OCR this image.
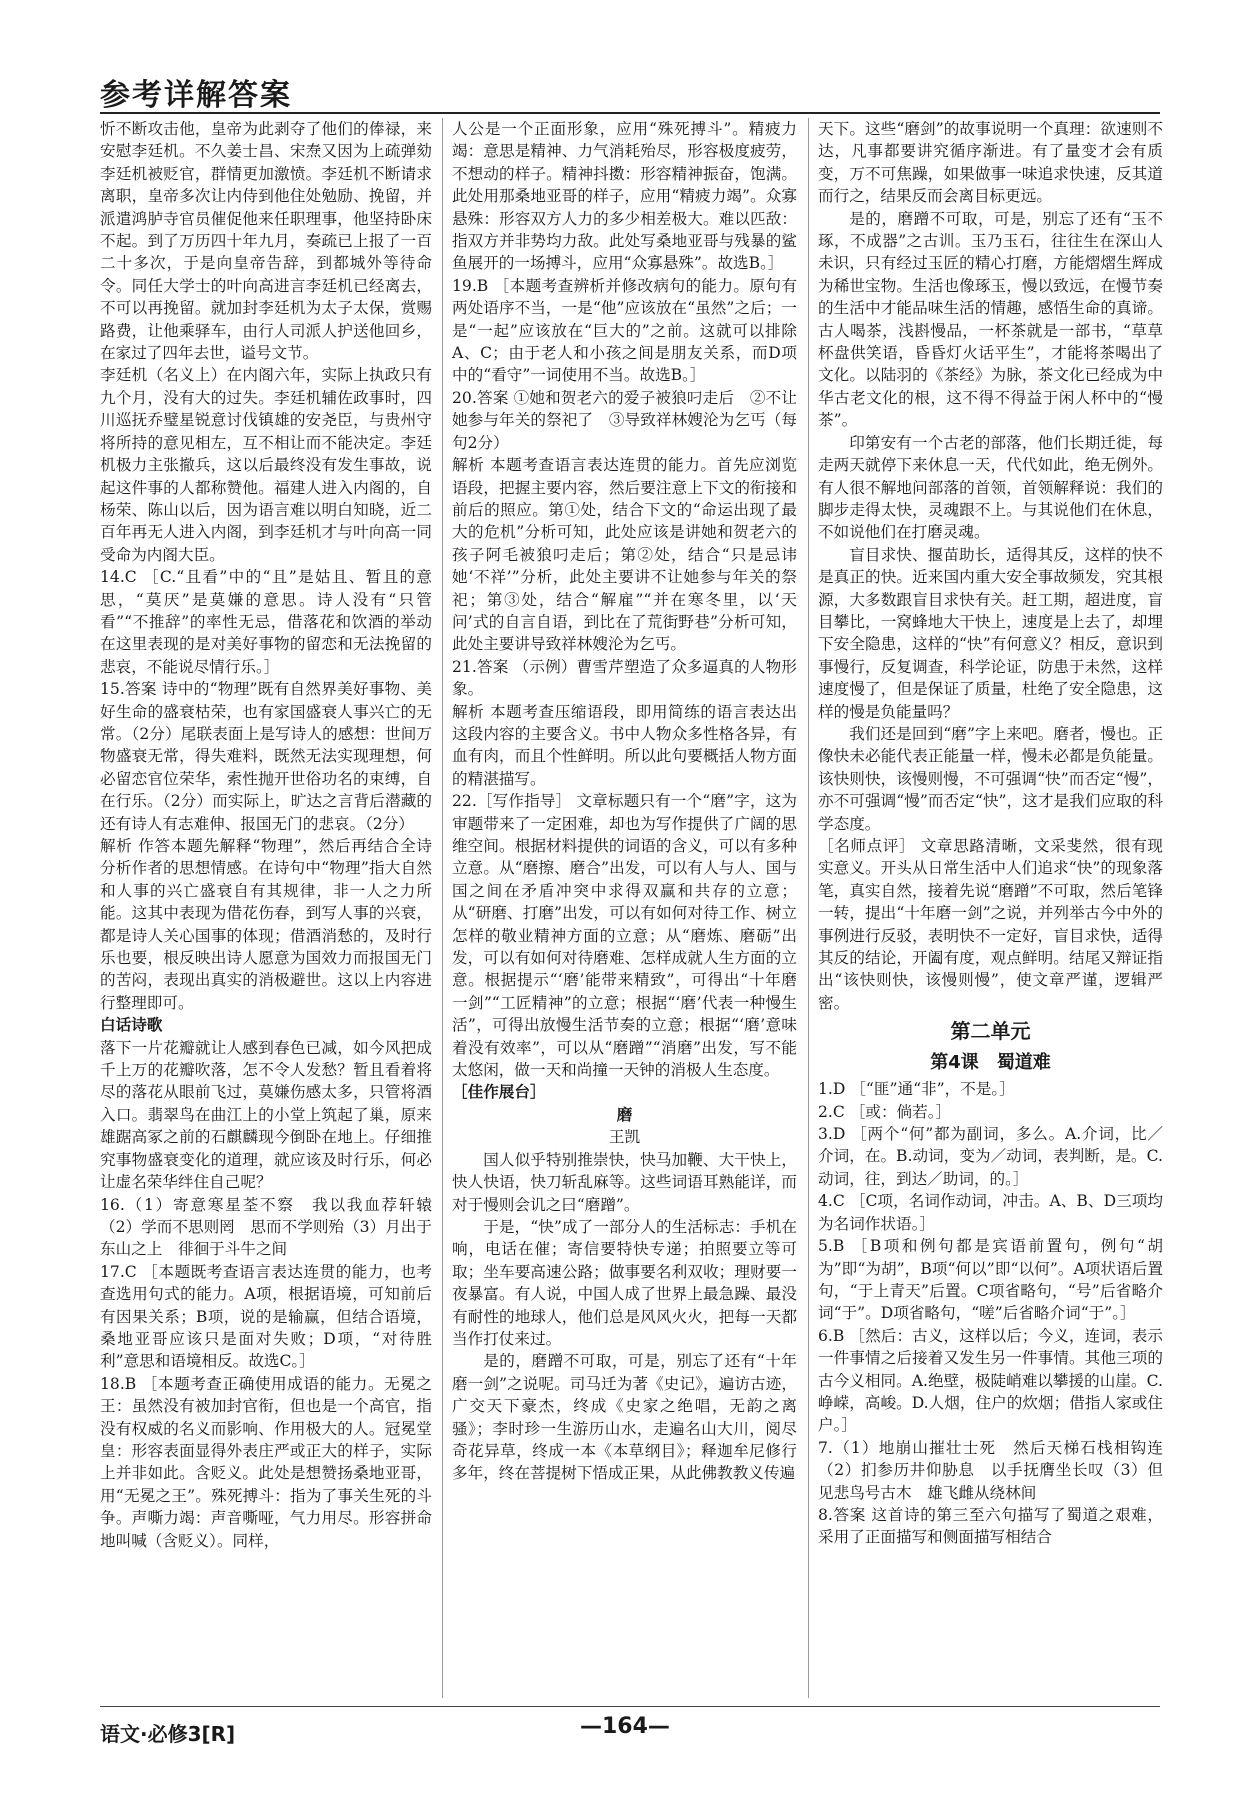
参考详解答案

忻不断攻击他，皇帝为此剥夺了他们的俸禄，来安慰李廷机。不久姜士昌、宋焘又因为上疏弹劾李廷机被贬官，群情更加激愤。李廷机不断请求离职，皇帝多次让内侍到他住处勉励、挽留，并派遣鸿胪寺官员催促他来任职理事，他坚持卧床不起。到了万历四十年九月，奏疏已上报了一百二十多次，于是向皇帝告辞，到都城外等待命令。同任大学士的叶向高进言李廷机已经离去，不可以再挽留。就加封李廷机为太子太保，赏赐路费，让他乘驿车，由行人司派人护送他回乡，在家过了四年去世，谥号文节。

李廷机（名义上）在内阁六年，实际上执政只有九个月，没有大的过失。李廷机辅佐政事时，四川巡抚乔璧星锐意讨伐镇雄的安尧臣，与贵州守将所持的意见相左，互不相让而不能决定。李廷机极力主张撤兵，这以后最终没有发生事故，说起这件事的人都称赞他。福建人进入内阁的，自杨荣、陈山以后，因为语言难以明白知晓，近二百年再无人进入内阁，到李廷机才与叶向高一同受命为内阁大臣。

14.C ［C.“且看”中的“且”是姑且、暂且的意思，“莫厌”是莫嫌的意思。诗人没有“只管看”“不推辞”的率性无忌，借落花和饮酒的举动在这里表现的是对美好事物的留恋和无法挽留的悲哀，不能说尽情行乐。］

15.答案 诗中的“物理”既有自然界美好事物、美好生命的盛衰枯荣，也有家国盛衰人事兴亡的无常。（2分）尾联表面上是写诗人的感想：世间万物盛衰无常，得失难料，既然无法实现理想，何必留恋官位荣华，索性抛开世俗功名的束缚，自在行乐。（2分）而实际上，旷达之言背后潜藏的还有诗人有志难伸、报国无门的悲哀。（2分）

解析 作答本题先解释“物理”，然后再结合全诗分析作者的思想情感。在诗句中“物理”指大自然和人事的兴亡盛衰自有其规律，非一人之力所能。这其中表现为借花伤春，到写人事的兴衰，都是诗人关心国事的体现；借酒消愁的，及时行乐也要，根反映出诗人愿意为国效力而报国无门的苦闷，表现出真实的消极避世。这以上内容进行整理即可。

白话诗歌

落下一片花瓣就让人感到春色已减，如今风把成千上万的花瓣吹落，怎不令人发愁？暂且看着将尽的落花从眼前飞过，莫嫌伤感太多，只管将酒入口。翡翠鸟在曲江上的小堂上筑起了巢，原来雄踞高冢之前的石麒麟现今倒卧在地上。仔细推究事物盛衰变化的道理，就应该及时行乐，何必让虚名荣华绊住自己呢？

16.（1）寄意寒星荃不察　我以我血荐轩辕（2）学而不思则罔　思而不学则殆（3）月出于东山之上　徘徊于斗牛之间

17.C ［本题既考查语言表达连贯的能力，也考查选用句式的能力。A项，根据语境，可知前后有因果关系；B项，说的是输赢，但结合语境，桑地亚哥应该只是面对失败；D项，“对待胜利”意思和语境相反。故选C。］

18.B ［本题考查正确使用成语的能力。无冕之王：虽然没有被加封官衔，但也是一个高官，指没有权威的名义而影响、作用极大的人。冠冕堂皇：形容表面显得外表庄严或正大的样子，实际上并非如此。含贬义。此处是想赞扬桑地亚哥，用“无冕之王”。殊死搏斗：指为了事关生死的斗争。声嘶力竭：声音嘶哑，气力用尽。形容拼命地叫喊（含贬义）。同样，

人公是一个正面形象，应用“殊死搏斗”。精疲力竭：意思是精神、力气消耗殆尽，形容极度疲劳，不想动的样子。精神抖擞：形容精神振奋，饱满。此处用那桑地亚哥的样子，应用“精疲力竭”。众寡悬殊：形容双方人力的多少相差极大。难以匹敌：指双方并非势均力敌。此处写桑地亚哥与残暴的鲨鱼展开的一场搏斗，应用“众寡悬殊”。故选B。］

19.B ［本题考查辨析并修改病句的能力。原句有两处语序不当，一是“他”应该放在“虽然”之后；一是“一起”应该放在“巨大的”之前。这就可以排除A、C；由于老人和小孩之间是朋友关系，而D项中的“看守”一词使用不当。故选B。］

20.答案 ①她和贺老六的爱子被狼叼走后　②不让她参与年关的祭祀了　③导致祥林嫂沦为乞丐（每句2分）

解析 本题考查语言表达连贯的能力。首先应浏览语段，把握主要内容，然后要注意上下文的衔接和前后的照应。第①处，结合下文的“命运出现了最大的危机”分析可知，此处应该是讲她和贺老六的孩子阿毛被狼叼走后；第②处，结合“只是忌讳她‘不祥’”分析，此处主要讲不让她参与年关的祭祀；第③处，结合“解雇”“并在寒冬里，以‘天问’式的自言自语，到比在了荒街野巷”分析可知，此处主要讲导致祥林嫂沦为乞丐。

21.答案 （示例）曹雪芹塑造了众多逼真的人物形象。

解析 本题考查压缩语段，即用简练的语言表达出这段内容的主要含义。书中人物众多性格各异，有血有肉，而且个性鲜明。所以此句要概括人物方面的精湛描写。

22.［写作指导］ 文章标题只有一个“磨”字，这为审题带来了一定困难，却也为写作提供了广阔的思维空间。根据材料提供的词语的含义，可以有多种立意。从“磨擦、磨合”出发，可以有人与人、国与国之间在矛盾冲突中求得双赢和共存的立意；从“研磨、打磨”出发，可以有如何对待工作、树立怎样的敬业精神方面的立意；从“磨炼、磨砺”出发，可以有如何对待磨难、怎样成就人生方面的立意。根据提示“‘磨’能带来精致”，可得出“十年磨一剑”“工匠精神”的立意；根据“‘磨’代表一种慢生活”，可得出放慢生活节奏的立意；根据“‘磨’意味着没有效率”，可以从“磨蹭”“消磨”出发，写不能太悠闲，做一天和尚撞一天钟的消极人生态度。

［佳作展台］

磨

王凯

国人似乎特别推崇快，快马加鞭、大干快上，快人快语，快刀斩乱麻等。这些词语耳熟能详，而对于慢则会讥之曰“磨蹭”。

于是，“快”成了一部分人的生活标志：手机在响，电话在催；寄信要特快专递；拍照要立等可取；坐车要高速公路；做事要名利双收；理财要一夜暴富。有人说，中国人成了世界上最急躁、最没有耐性的地球人，他们总是风风火火，把每一天都当作打仗来过。

是的，磨蹭不可取，可是，别忘了还有“十年磨一剑”之说呢。司马迁为著《史记》，遍访古迹，广交天下豪杰，终成《史家之绝唱，无韵之离骚》；李时珍一生游历山水，走遍名山大川，阅尽奇花异草，终成一本《本草纲目》；释迦牟尼修行多年，终在菩提树下悟成正果，从此佛教教义传遍

天下。这些“磨剑”的故事说明一个真理：欲速则不达，凡事都要讲究循序渐进。有了量变才会有质变，万不可焦躁，如果做事一味追求快速，反其道而行之，结果反而会离目标更远。

是的，磨蹭不可取，可是，别忘了还有“玉不琢，不成器”之古训。玉乃玉石，往往生在深山人未识，只有经过玉匠的精心打磨，方能熠熠生辉成为稀世宝物。生活也像琢玉，慢以致远，在慢节奏的生活中才能品味生活的情趣，感悟生命的真谛。古人喝茶，浅斟慢品，一杯茶就是一部书，“草草杯盘供笑语，昏昏灯火话平生”，才能将茶喝出了文化。以陆羽的《茶经》为脉，茶文化已经成为中华古老文化的根，这不得不得益于闲人杯中的“慢茶”。

印第安有一个古老的部落，他们长期迁徙，每走两天就停下来休息一天，代代如此，绝无例外。有人很不解地问部落的首领，首领解释说：我们的脚步走得太快，灵魂跟不上。与其说他们在休息，不如说他们在打磨灵魂。

盲目求快、揠苗助长，适得其反，这样的快不是真正的快。近来国内重大安全事故频发，究其根源，大多数跟盲目求快有关。赶工期，超进度，盲目攀比，一窝蜂地大干快上，速度是上去了，却埋下安全隐患，这样的“快”有何意义？相反，意识到事慢行，反复调查，科学论证，防患于未然，这样速度慢了，但是保证了质量，杜绝了安全隐患，这样的慢是负能量吗？

我们还是回到“磨”字上来吧。磨者，慢也。正像快未必能代表正能量一样，慢未必都是负能量。该快则快，该慢则慢，不可强调“快”而否定“慢”，亦不可强调“慢”而否定“快”，这才是我们应取的科学态度。

［名师点评］ 文章思路清晰，文采斐然，很有现实意义。开头从日常生活中人们追求“快”的现象落笔，真实自然，接着先说“磨蹭”不可取，然后笔锋一转，提出“十年磨一剑”之说，并列举古今中外的事例进行反驳，表明快不一定好，盲目求快，适得其反的结论，开阖有度，观点鲜明。结尾又辩证指出“该快则快，该慢则慢”，使文章严谨，逻辑严密。

第二单元

第4课　蜀道难

1.D ［“匪”通“非”，不是。］

2.C ［或：倘若。］

3.D ［两个“何”都为副词，多么。A.介词，比／介词，在。B.动词，变为／动词，表判断，是。C.动词，往，到达／助词，的。］

4.C ［C项，名词作动词，冲击。A、B、D三项均为名词作状语。］

5.B ［B项和例句都是宾语前置句，例句“胡为”即“为胡”，B项“何以”即“以何”。A项状语后置句，“于上青天”后置。C项省略句，“号”后省略介词“于”。D项省略句，“嗟”后省略介词“于”。］

6.B ［然后：古义，这样以后；今义，连词，表示一件事情之后接着又发生另一件事情。其他三项的古今义相同。A.绝壁，极陡峭难以攀援的山崖。C.峥嵘，高峻。D.人烟，住户的炊烟；借指人家或住户。］

7.（1）地崩山摧壮士死　然后天梯石栈相钩连（2）扪参历井仰胁息　以手抚膺坐长叹（3）但见悲鸟号古木　雄飞雌从绕林间

8.答案 这首诗的第三至六句描写了蜀道之艰难，采用了正面描写和侧面描写相结合

语文·必修3[R]	—164—
